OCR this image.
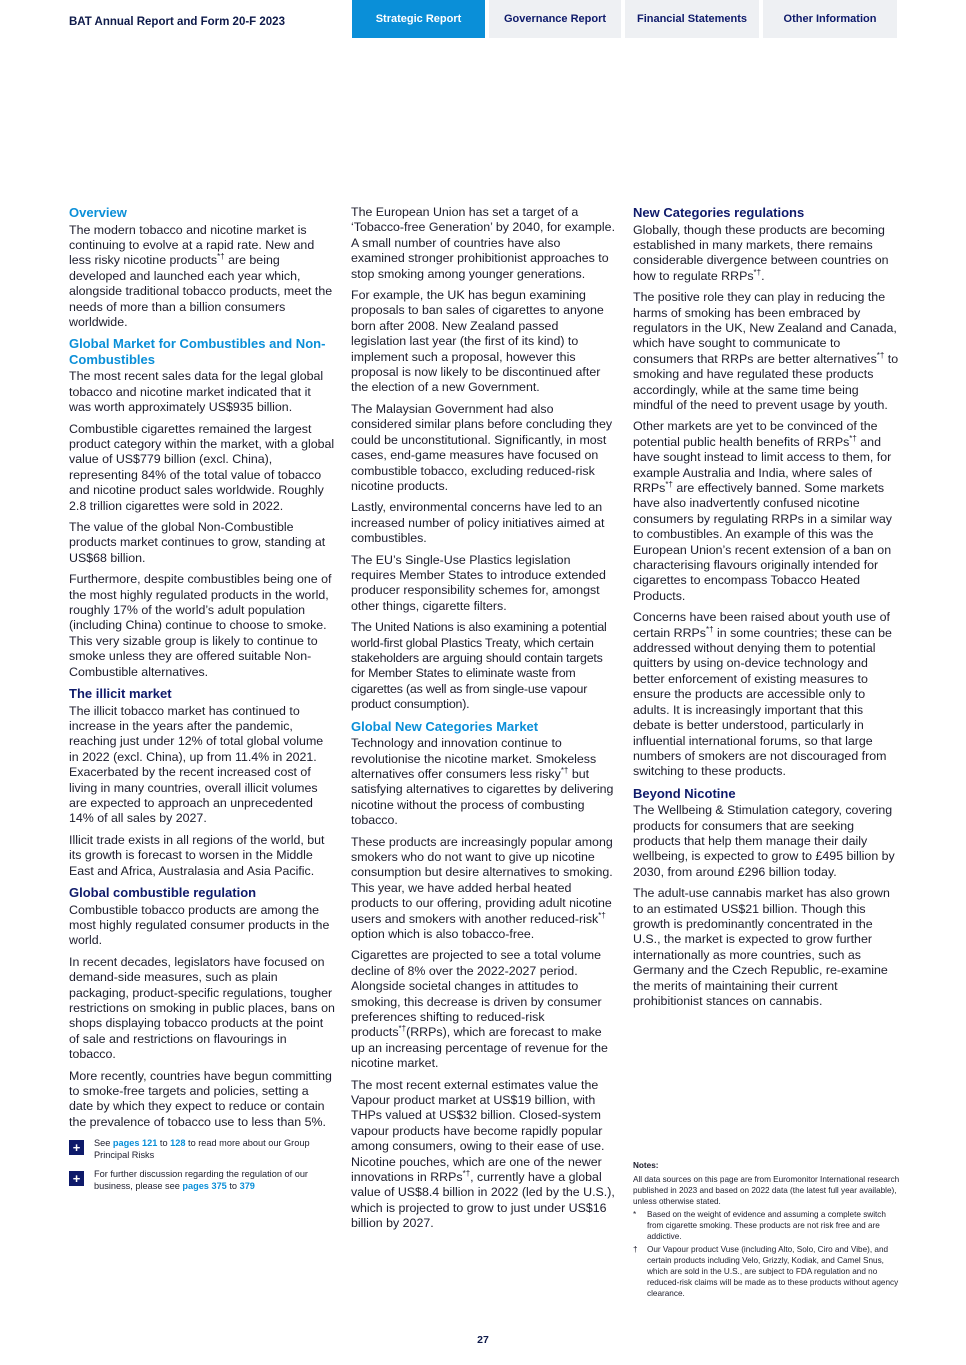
BAT Annual Report and Form 20-F 2023	Strategic Report	Governance Report	Financial Statements	Other Information
Overview
The modern tobacco and nicotine market is continuing to evolve at a rapid rate. New and less risky nicotine products*† are being developed and launched each year which, alongside traditional tobacco products, meet the needs of more than a billion consumers worldwide.
Global Market for Combustibles and Non-Combustibles
The most recent sales data for the legal global tobacco and nicotine market indicated that it was worth approximately US$935 billion.
Combustible cigarettes remained the largest product category within the market, with a global value of US$779 billion (excl. China), representing 84% of the total value of tobacco and nicotine product sales worldwide. Roughly 2.8 trillion cigarettes were sold in 2022.
The value of the global Non-Combustible products market continues to grow, standing at US$68 billion.
Furthermore, despite combustibles being one of the most highly regulated products in the world, roughly 17% of the world’s adult population (including China) continue to choose to smoke. This very sizable group is likely to continue to smoke unless they are offered suitable Non-Combustible alternatives.
The illicit market
The illicit tobacco market has continued to increase in the years after the pandemic, reaching just under 12% of total global volume in 2022 (excl. China), up from 11.4% in 2021. Exacerbated by the recent increased cost of living in many countries, overall illicit volumes are expected to approach an unprecedented 14% of all sales by 2027.
Illicit trade exists in all regions of the world, but its growth is forecast to worsen in the Middle East and Africa, Australasia and Asia Pacific.
Global combustible regulation
Combustible tobacco products are among the most highly regulated consumer products in the world.
In recent decades, legislators have focused on demand-side measures, such as plain packaging, product-specific regulations, tougher restrictions on smoking in public places, bans on shops displaying tobacco products at the point of sale and restrictions on flavourings in tobacco.
More recently, countries have begun committing to smoke-free targets and policies, setting a date by which they expect to reduce or contain the prevalence of tobacco use to less than 5%.
+	See pages 121 to 128 to read more about our Group Principal Risks
+	For further discussion regarding the regulation of our business, please see pages 375 to 379
The European Union has set a target of a ‘Tobacco-free Generation’ by 2040, for example. A small number of countries have also examined stronger prohibitionist approaches to stop smoking among younger generations.
For example, the UK has begun examining proposals to ban sales of cigarettes to anyone born after 2008. New Zealand passed legislation last year (the first of its kind) to implement such a proposal, however this proposal is now likely to be discontinued after the election of a new Government.
The Malaysian Government had also considered similar plans before concluding they could be unconstitutional. Significantly, in most cases, end-game measures have focused on combustible tobacco, excluding reduced-risk nicotine products.
Lastly, environmental concerns have led to an increased number of policy initiatives aimed at combustibles.
The EU’s Single-Use Plastics legislation requires Member States to introduce extended producer responsibility schemes for, amongst other things, cigarette filters.
The United Nations is also examining a potential world-first global Plastics Treaty, which certain stakeholders are arguing should contain targets for Member States to eliminate waste from cigarettes (as well as from single-use vapour product consumption).
Global New Categories Market
Technology and innovation continue to revolutionise the nicotine market. Smokeless alternatives offer consumers less risky*† but satisfying alternatives to cigarettes by delivering nicotine without the process of combusting tobacco.
These products are increasingly popular among smokers who do not want to give up nicotine consumption but desire alternatives to smoking. This year, we have added herbal heated products to our offering, providing adult nicotine users and smokers with another reduced-risk*† option which is also tobacco-free.
Cigarettes are projected to see a total volume decline of 8% over the 2022-2027 period. Alongside societal changes in attitudes to smoking, this decrease is driven by consumer preferences shifting to reduced-risk products*†(RRPs), which are forecast to make up an increasing percentage of revenue for the nicotine market.
The most recent external estimates value the Vapour product market at US$19 billion, with THPs valued at US$32 billion. Closed-system vapour products have become rapidly popular among consumers, owing to their ease of use. Nicotine pouches, which are one of the newer innovations in RRPs*†, currently have a global value of US$8.4 billion in 2022 (led by the U.S.), which is projected to grow to just under US$16 billion by 2027.
New Categories regulations
Globally, though these products are becoming established in many markets, there remains considerable divergence between countries on how to regulate RRPs*†.
The positive role they can play in reducing the harms of smoking has been embraced by regulators in the UK, New Zealand and Canada, which have sought to communicate to consumers that RRPs are better alternatives*† to smoking and have regulated these products accordingly, while at the same time being mindful of the need to prevent usage by youth.
Other markets are yet to be convinced of the potential public health benefits of RRPs*† and have sought instead to limit access to them, for example Australia and India, where sales of RRPs*† are effectively banned. Some markets have also inadvertently confused nicotine consumers by regulating RRPs in a similar way to combustibles. An example of this was the European Union’s recent extension of a ban on characterising flavours originally intended for cigarettes to encompass Tobacco Heated Products.
Concerns have been raised about youth use of certain RRPs*† in some countries; these can be addressed without denying them to potential quitters by using on-device technology and better enforcement of existing measures to ensure the products are accessible only to adults. It is increasingly important that this debate is better understood, particularly in influential international forums, so that large numbers of smokers are not discouraged from switching to these products.
Beyond Nicotine
The Wellbeing & Stimulation category, covering products for consumers that are seeking products that help them manage their daily wellbeing, is expected to grow to £495 billion by 2030, from around £296 billion today.
The adult-use cannabis market has also grown to an estimated US$21 billion. Though this growth is predominantly concentrated in the U.S., the market is expected to grow further internationally as more countries, such as Germany and the Czech Republic, re-examine the merits of maintaining their current prohibitionist stances on cannabis.
Notes:
All data sources on this page are from Euromonitor International research published in 2023 and based on 2022 data (the latest full year available), unless otherwise stated.
*	Based on the weight of evidence and assuming a complete switch from cigarette smoking. These products are not risk free and are addictive.
†	Our Vapour product Vuse (including Alto, Solo, Ciro and Vibe), and certain products including Velo, Grizzly, Kodiak, and Camel Snus, which are sold in the U.S., are subject to FDA regulation and no reduced-risk claims will be made as to these products without agency clearance.
27
